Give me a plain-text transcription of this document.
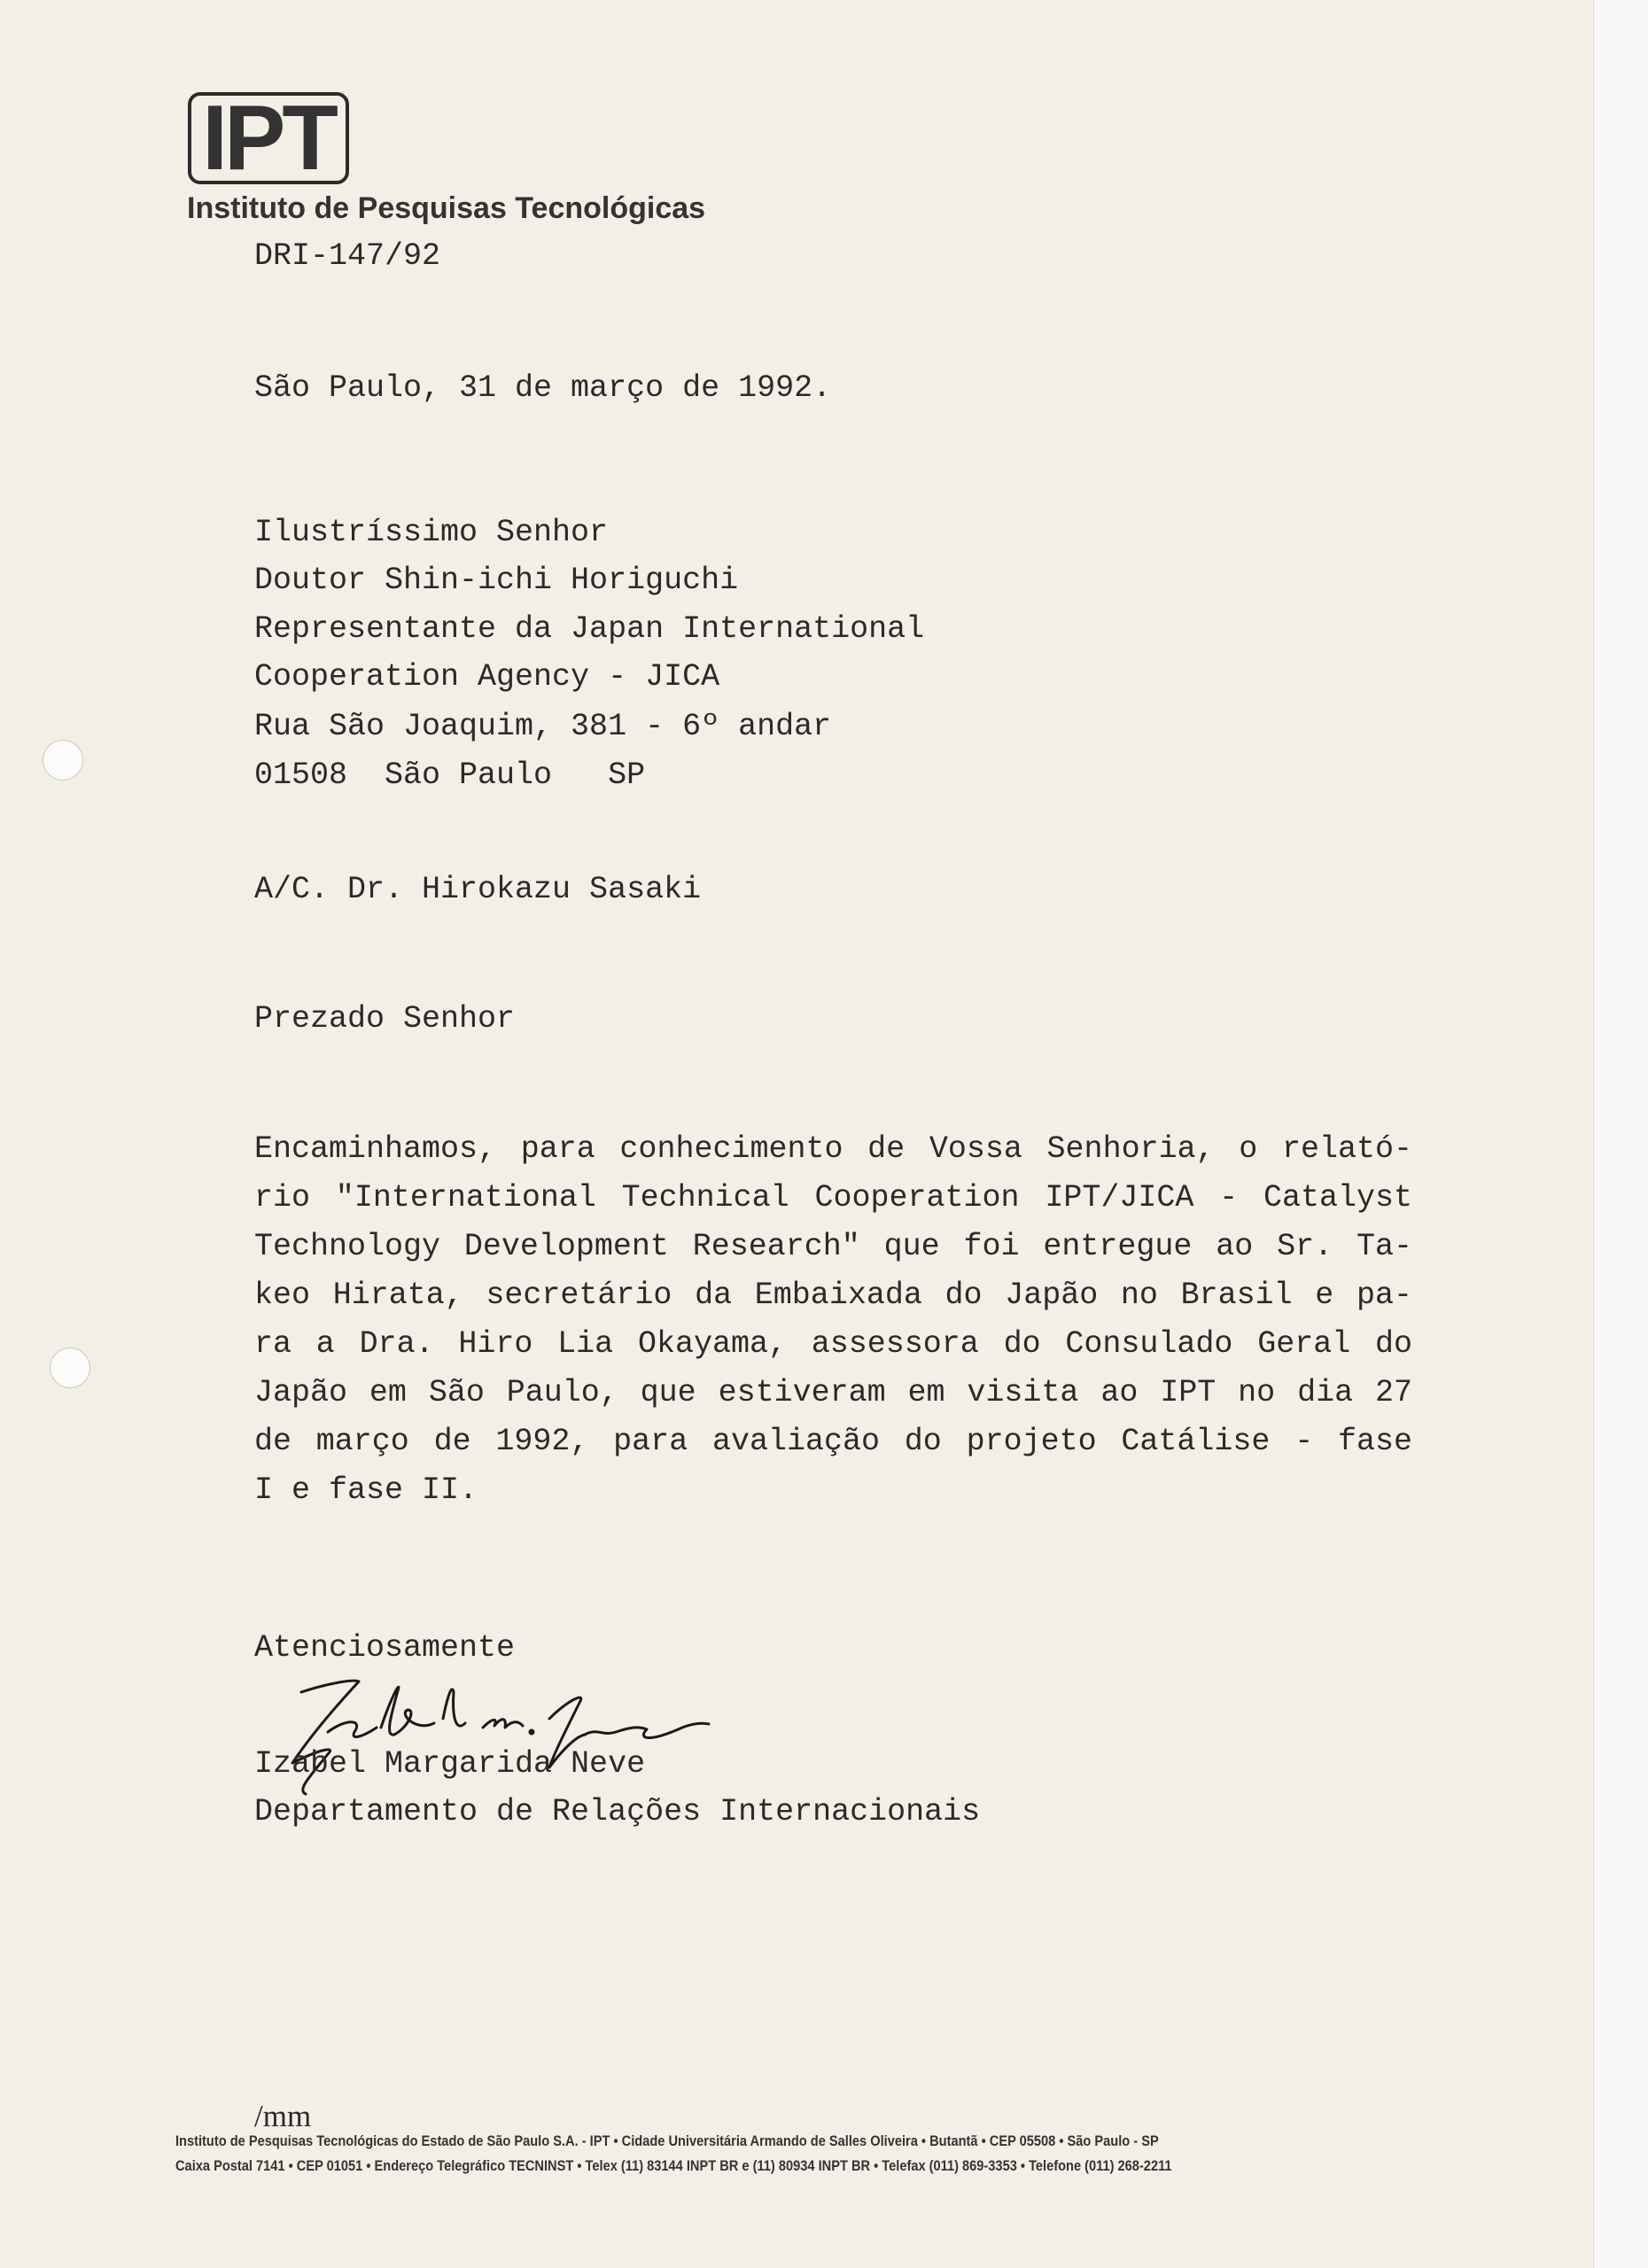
IPT
Instituto de Pesquisas Tecnológicas
DRI-147/92
São Paulo, 31 de março de 1992.
Ilustríssimo Senhor
Doutor Shin-ichi Horiguchi
Representante da Japan International
Cooperation Agency - JICA
Rua São Joaquim, 381 - 6º andar
01508  São Paulo   SP
A/C. Dr. Hirokazu Sasaki
Prezado Senhor
Encaminhamos, para conhecimento de Vossa Senhoria, o relató-
rio "International Technical Cooperation IPT/JICA - Catalyst
Technology Development Research" que foi entregue ao Sr. Ta-
keo Hirata, secretário da Embaixada do Japão no Brasil e pa-
ra a Dra. Hiro Lia Okayama, assessora do Consulado Geral do
Japão em São Paulo, que estiveram em visita ao IPT no dia 27
de março de 1992, para avaliação do projeto Catálise - fase
I e fase II.
Atenciosamente
Izabel Margarida Neve
Departamento de Relações Internacionais
/mm
Instituto de Pesquisas Tecnológicas do Estado de São Paulo S.A. - IPT • Cidade Universitária Armando de Salles Oliveira • Butantã • CEP 05508 • São Paulo - SP
Caixa Postal 7141 • CEP 01051 • Endereço Telegráfico TECNINST • Telex (11) 83144 INPT BR e (11) 80934 INPT BR • Telefax (011) 869-3353 • Telefone (011) 268-2211
